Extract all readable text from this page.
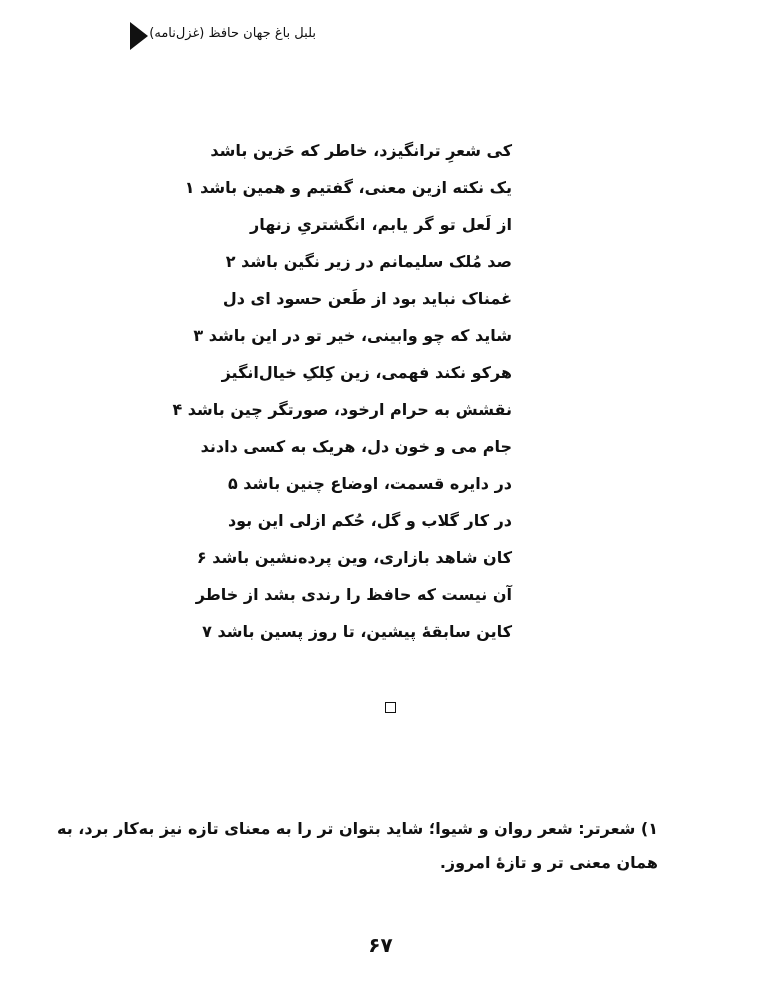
بلبل باغ جهان حافظ (غزل‌نامه)
کی شعرِ ترانگیزد، خاطر که حَزین باشد
یک نکته ازین معنی، گفتیم و همین باشد ۱
از لَعل تو گر یابم، انگشتریِ زنهار
صد مُلک سلیمانم در زیر نگین باشد ۲
غمناک نباید بود از طَعن حسود ای دل
شاید که چو وابینی، خیر تو در این باشد ۳
هرکو نکند فهمی، زین کِلکِ خیال‌انگیز
نقشش به حرام ارخود، صورتگر چین باشد ۴
جام می و خون دل، هریک به کسی دادند
در دایره قسمت، اوضاع چنین باشد ۵
در کار گلاب و گل، حُکم ازلی این بود
کان شاهد بازاری، وین پرده‌نشین باشد ۶
آن نیست که حافظ را رندی بشد از خاطر
کاین سابقهٔ پیشین، تا روز پسین باشد ۷

۱) شعرتر: شعر روان و شیوا؛ شاید بتوان تر را به معنای تازه نیز به‌کار برد، به

همان معنی تر و تازهٔ امروز.

۶۷
